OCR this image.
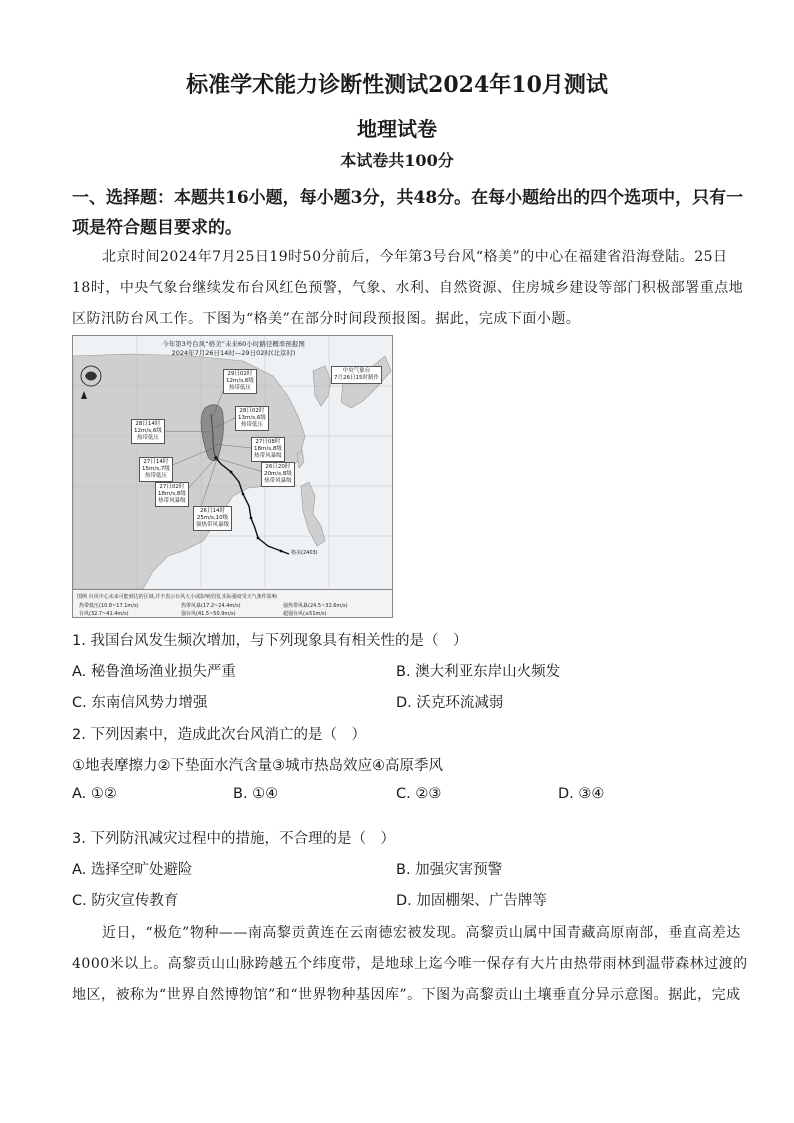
标准学术能力诊断性测试2024年10月测试
地理试卷
本试卷共100分
一、选择题：本题共16小题，每小题3分，共48分。在每小题给出的四个选项中，只有一
项是符合题目要求的。
北京时间2024年7月25日19时50分前后，今年第3号台风“格美”的中心在福建省沿海登陆。25日
18时，中央气象台继续发布台风红色预警，气象、水利、自然资源、住房城乡建设等部门积极部署重点地
区防汛防台风工作。下图为“格美”在部分时间段预报图。据此，完成下面小题。
今年第3号台风“格美”未来60小时路径概率预报图
2024年7月26日14时—29日02时(北京时)
中央气象台
7月26日15时制作
29日02时
12m/s,6级
热带低压
28日02时
13m/s,6级
热带低压
28日14时
12m/s,6级
热带低压
27日08时
18m/s,8级
热带风暴级
27日14时
15m/s,7级
热带低压
26日20时
20m/s,8级
热带风暴级
27日02时
18m/s,8级
热带风暴级
26日14时
25m/s,10级
强热带风暴级
格美(2403)
图例 台风中心未来可能到达的区域,并不表示台风大小或影响范围,实际强度受天气条件影响
热带低压(10.8~17.1m/s)	热带风暴(17.2~24.4m/s)	强热带风暴(24.5~32.6m/s)
台风(32.7~41.4m/s)	强台风(41.5~50.9m/s)	超强台风(≥51m/s)
1. 我国台风发生频次增加，与下列现象具有相关性的是（　）
A. 秘鲁渔场渔业损失严重	B. 澳大利亚东岸山火频发
C. 东南信风势力增强	D. 沃克环流减弱
2. 下列因素中，造成此次台风消亡的是（　）
①地表摩擦力②下垫面水汽含量③城市热岛效应④高原季风
A. ①②	B. ①④	C. ②③	D. ③④
3. 下列防汛减灾过程中的措施，不合理的是（　）
A. 选择空旷处避险	B. 加强灾害预警
C. 防灾宣传教育	D. 加固棚架、广告牌等
近日，“极危”物种——南高黎贡黄连在云南德宏被发现。高黎贡山属中国青藏高原南部，垂直高差达
4000米以上。高黎贡山山脉跨越五个纬度带，是地球上迄今唯一保存有大片由热带雨林到温带森林过渡的
地区，被称为“世界自然博物馆”和“世界物种基因库”。下图为高黎贡山土壤垂直分异示意图。据此，完成
